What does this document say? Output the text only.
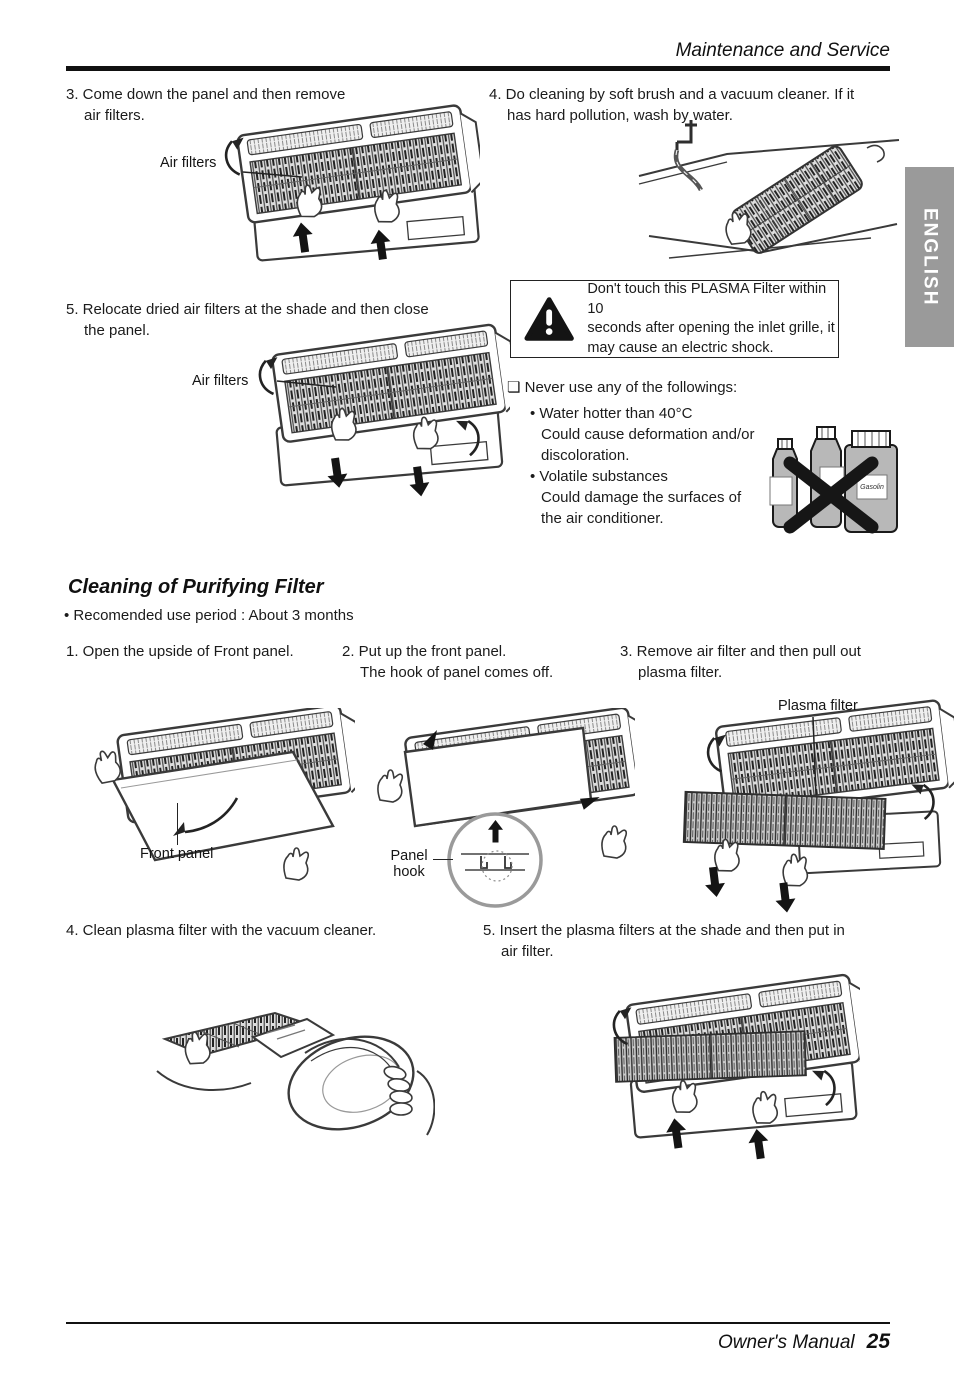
Maintenance and Service
ENGLISH
3. Come down the panel and then remove
air filters.
4. Do cleaning by soft brush and a vacuum cleaner. If it
has hard pollution, wash by water.
5. Relocate dried air filters at the shade and then close
the panel.
Air filters
Air filters
Don't touch this PLASMA Filter within 10
seconds after opening the inlet grille, it
may cause an electric shock.
❏ Never use any of the followings:
• Water hotter than 40°C
Could cause deformation and/or
discoloration.
• Volatile substances
Could damage the surfaces of
the air conditioner.
Gasolin
Cleaning of Purifying Filter
• Recomended use period : About 3 months
1. Open the upside of Front panel.	2. Put up the front panel.
The hook of panel comes off.
3. Remove air filter and then pull out
plasma filter.
Front panel	Panel
hook
Plasma filter
4. Clean plasma filter with the vacuum cleaner.	5. Insert the plasma filters at the shade and then put in
air filter.
Owner's Manual 25
